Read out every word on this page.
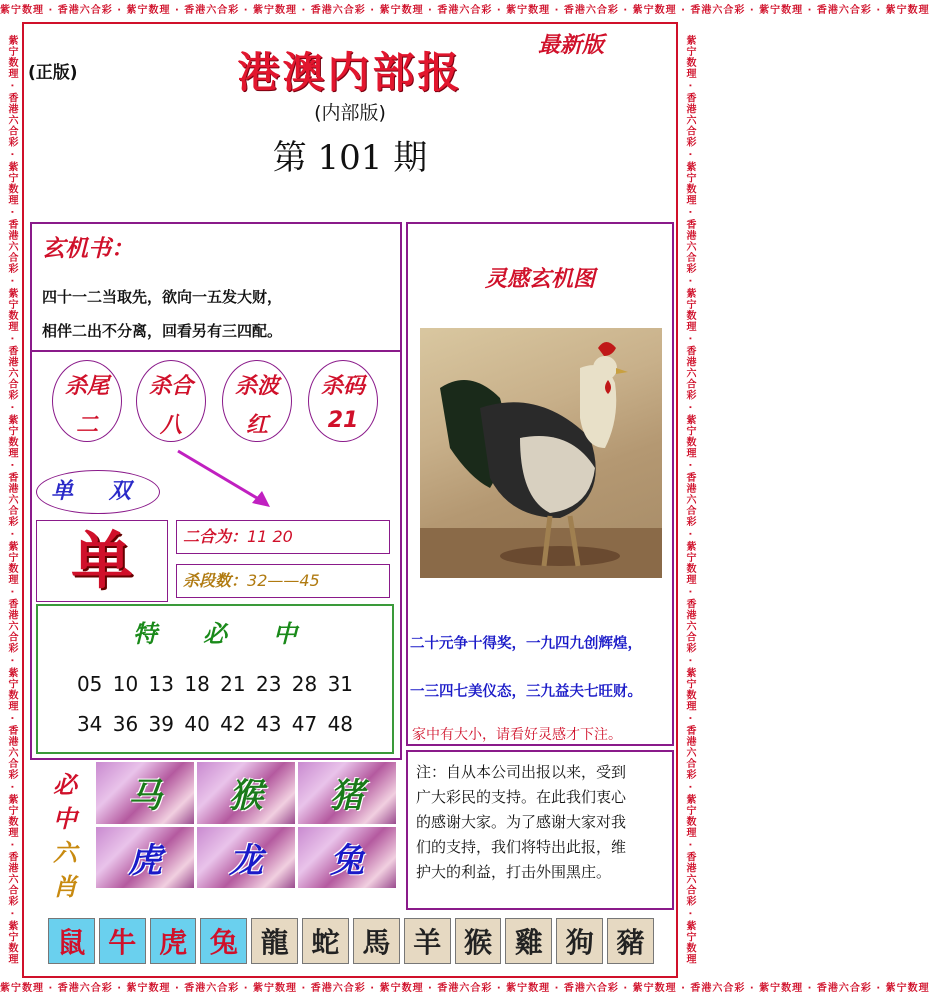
紫宁数理 · 香港六合彩 · 紫宁数理 · 香港六合彩 · 紫宁数理 · 香港六合彩 · 紫宁数理 · 香港六合彩 · 紫宁数理 · 香港六合彩 · 紫宁数理 · 香港六合彩 · 紫宁数理 · 香港六合彩 · 紫宁数理
紫宁数理 · 香港六合彩 · 紫宁数理 · 香港六合彩 · 紫宁数理 · 香港六合彩 · 紫宁数理 · 香港六合彩 · 紫宁数理 · 香港六合彩 · 紫宁数理 · 香港六合彩 · 紫宁数理 · 香港六合彩 · 紫宁数理
紫宁数理 · 香港六合彩 · 紫宁数理 · 香港六合彩 · 紫宁数理 · 香港六合彩 · 紫宁数理 · 香港六合彩 · 紫宁数理 · 香港六合彩 · 紫宁数理 · 香港六合彩 · 紫宁数理 · 香港六合彩 · 紫宁数理	紫宁数理 · 香港六合彩 · 紫宁数理 · 香港六合彩 · 紫宁数理 · 香港六合彩 · 紫宁数理 · 香港六合彩 · 紫宁数理 · 香港六合彩 · 紫宁数理 · 香港六合彩 · 紫宁数理 · 香港六合彩 · 紫宁数理
(正版)
最新版
港澳内部报
(内部版)
第 101 期
玄机书：
四十一二当取先，欲向一五发大财，
相伴二出不分离，回看另有三四配。
杀尾
二
杀合
八
杀波
红
杀码
21
单 双
单	二合为：11 20
杀段数：32——45
特必中
05 10 13 18 21 23 28 31
34 36 39 40 42 43 47 48
必
中
六
肖
马	猴	猪
虎	龙	兔
灵感玄机图
二十元争十得奖，一九四九创辉煌，
一三四七美仪态，三九益夫七旺财。
家中有大小，请看好灵感才下注。
注：自从本公司出报以来，受到
广大彩民的支持。在此我们衷心
的感谢大家。为了感谢大家对我
们的支持，我们将特出此报，维
护大的利益，打击外围黑庄。
鼠 牛 虎 兔 龍 蛇 馬 羊 猴 雞 狗 豬
